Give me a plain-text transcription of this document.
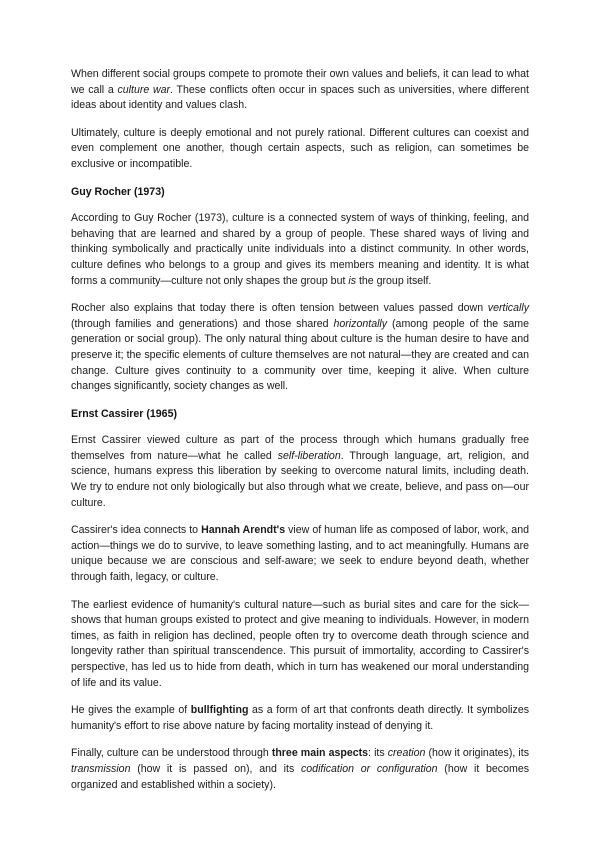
When different social groups compete to promote their own values and beliefs, it can lead to what we call a culture war. These conflicts often occur in spaces such as universities, where different ideas about identity and values clash.

Ultimately, culture is deeply emotional and not purely rational. Different cultures can coexist and even complement one another, though certain aspects, such as religion, can sometimes be exclusive or incompatible.

Guy Rocher (1973)

According to Guy Rocher (1973), culture is a connected system of ways of thinking, feeling, and behaving that are learned and shared by a group of people. These shared ways of living and thinking symbolically and practically unite individuals into a distinct community. In other words, culture defines who belongs to a group and gives its members meaning and identity. It is what forms a community—culture not only shapes the group but is the group itself.

Rocher also explains that today there is often tension between values passed down vertically (through families and generations) and those shared horizontally (among people of the same generation or social group). The only natural thing about culture is the human desire to have and preserve it; the specific elements of culture themselves are not natural—they are created and can change. Culture gives continuity to a community over time, keeping it alive. When culture changes significantly, society changes as well.

Ernst Cassirer (1965)

Ernst Cassirer viewed culture as part of the process through which humans gradually free themselves from nature—what he called self-liberation. Through language, art, religion, and science, humans express this liberation by seeking to overcome natural limits, including death. We try to endure not only biologically but also through what we create, believe, and pass on—our culture.

Cassirer's idea connects to Hannah Arendt's view of human life as composed of labor, work, and action—things we do to survive, to leave something lasting, and to act meaningfully. Humans are unique because we are conscious and self-aware; we seek to endure beyond death, whether through faith, legacy, or culture.

The earliest evidence of humanity's cultural nature—such as burial sites and care for the sick—shows that human groups existed to protect and give meaning to individuals. However, in modern times, as faith in religion has declined, people often try to overcome death through science and longevity rather than spiritual transcendence. This pursuit of immortality, according to Cassirer's perspective, has led us to hide from death, which in turn has weakened our moral understanding of life and its value.

He gives the example of bullfighting as a form of art that confronts death directly. It symbolizes humanity's effort to rise above nature by facing mortality instead of denying it.

Finally, culture can be understood through three main aspects: its creation (how it originates), its transmission (how it is passed on), and its codification or configuration (how it becomes organized and established within a society).
